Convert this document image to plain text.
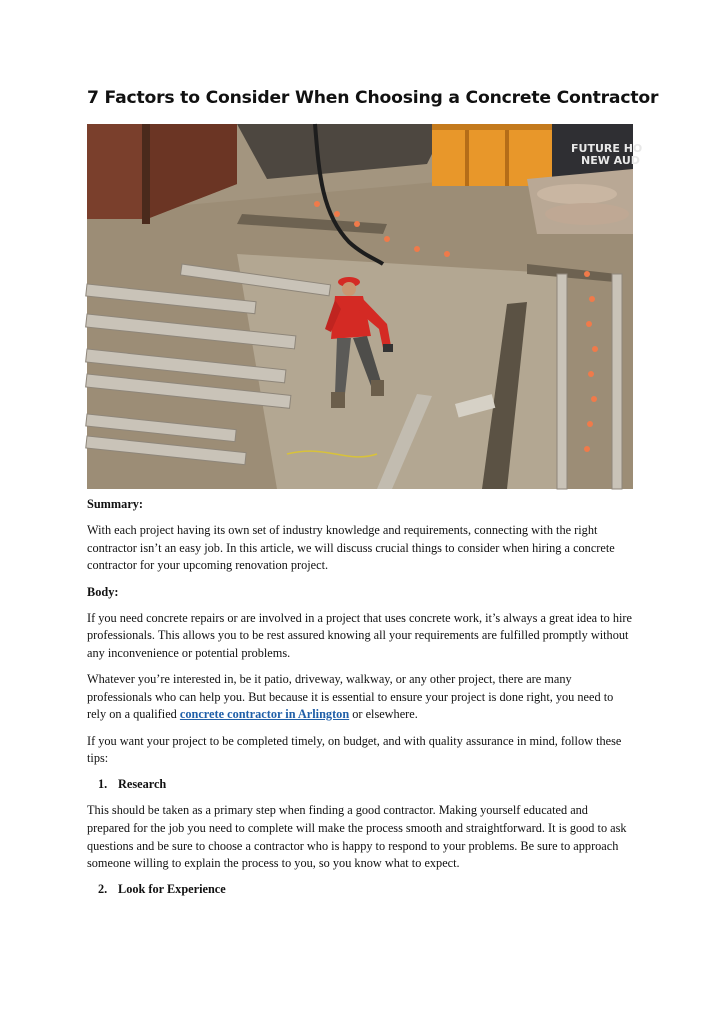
7 Factors to Consider When Choosing a Concrete Contractor
FUTURE HO
NEW AUD

Summary:

With each project having its own set of industry knowledge and requirements, connecting with the right contractor isn’t an easy job. In this article, we will discuss crucial things to consider when hiring a concrete contractor for your upcoming renovation project.

Body:

If you need concrete repairs or are involved in a project that uses concrete work, it’s always a great idea to hire professionals. This allows you to be rest assured knowing all your requirements are fulfilled promptly without any inconvenience or potential problems.

Whatever you’re interested in, be it patio, driveway, walkway, or any other project, there are many professionals who can help you. But because it is essential to ensure your project is done right, you need to rely on a qualified concrete contractor in Arlington or elsewhere.

If you want your project to be completed timely, on budget, and with quality assurance in mind, follow these tips:

1. Research

This should be taken as a primary step when finding a good contractor. Making yourself educated and prepared for the job you need to complete will make the process smooth and straightforward. It is good to ask questions and be sure to choose a contractor who is happy to respond to your problems. Be sure to approach someone willing to explain the process to you, so you know what to expect.

2. Look for Experience
